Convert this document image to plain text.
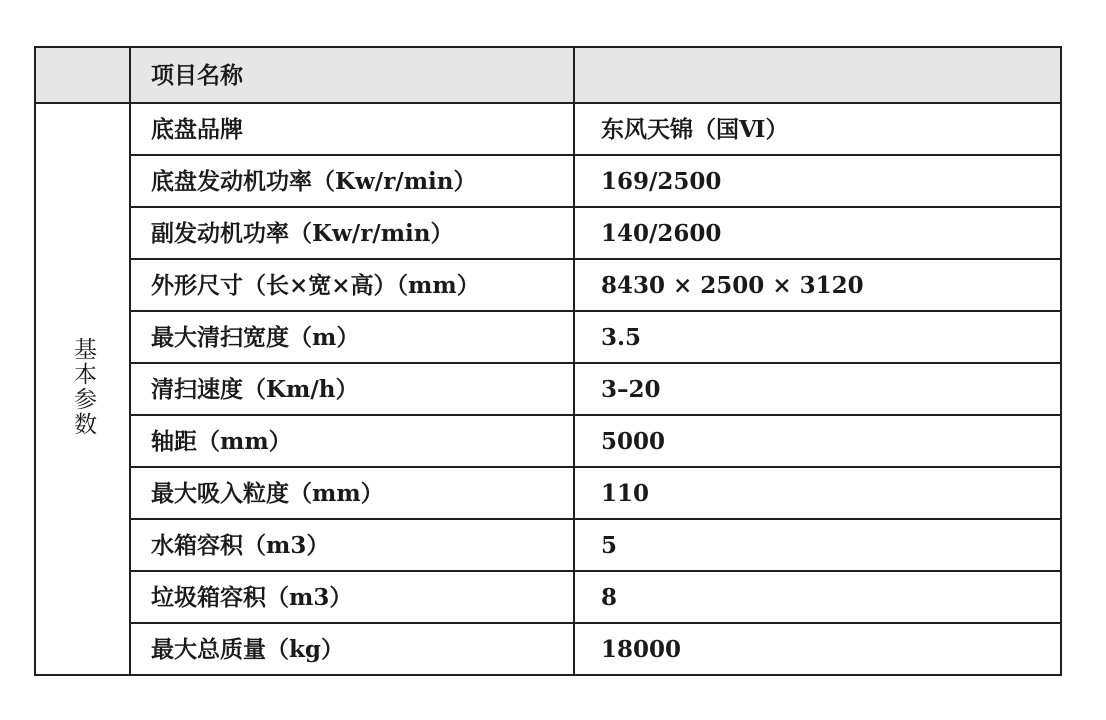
	项目名称	
基本参数	底盘品牌	东风天锦（国Ⅵ）
	底盘发动机功率（Kw/r/min）	169/2500
	副发动机功率（Kw/r/min）	140/2600
	外形尺寸（长×宽×高）（mm）	8430 × 2500 × 3120
	最大清扫宽度（m）	3.5
	清扫速度（Km/h）	3–20
	轴距（mm）	5000
	最大吸入粒度（mm）	110
	水箱容积（m3）	5
	垃圾箱容积（m3）	8
	最大总质量（kg）	18000
